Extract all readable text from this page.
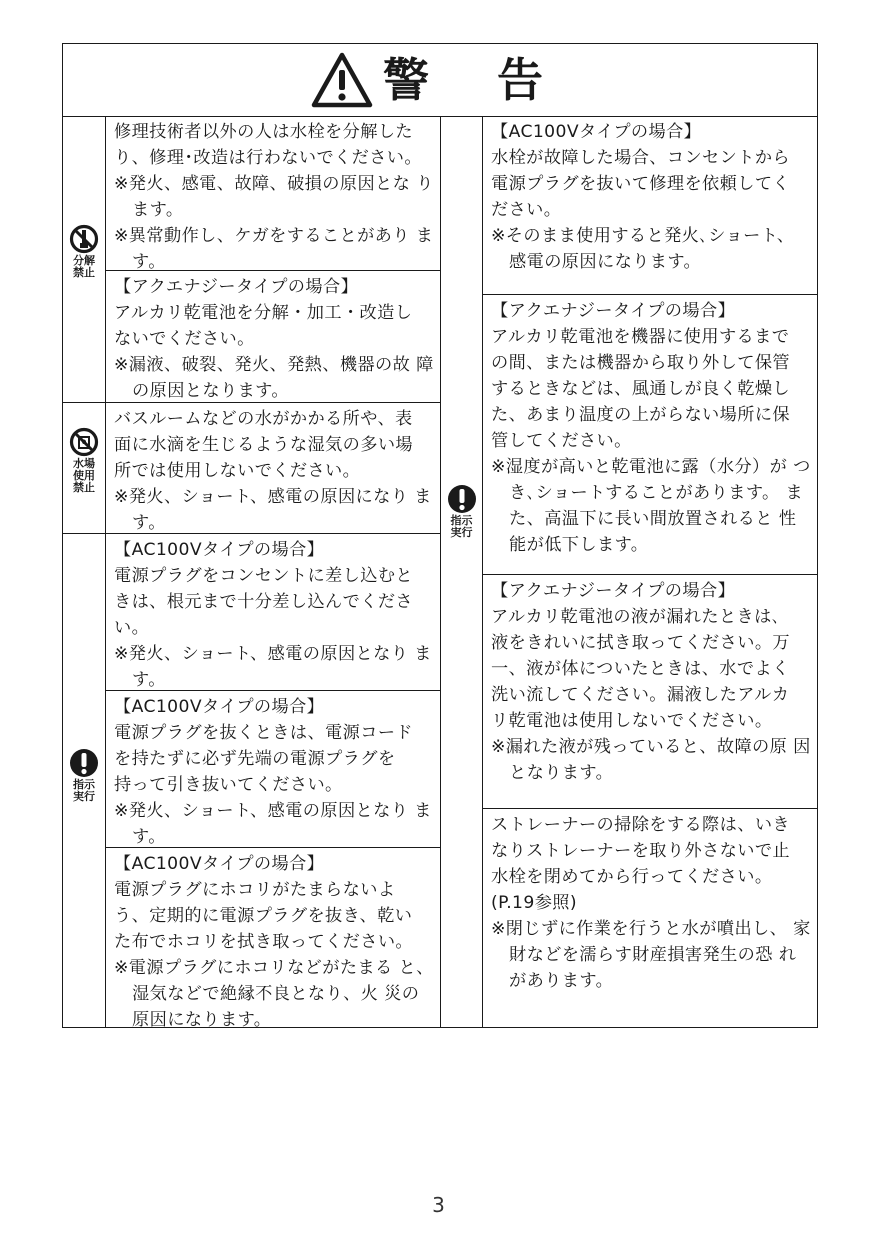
警 告
分解
禁止
水場
使用
禁止
指示
実行
指示
実行

修理技術者以外の人は水栓を分解した

り、修理･改造は行わないでください。

※発火、感電、故障、破損の原因とな ります。

※異常動作し、ケガをすることがあり ます。

【アクエナジータイプの場合】

アルカリ乾電池を分解・加工・改造し

ないでください。

※漏液、破裂、発火、発熱、機器の故 障の原因となります。

バスルームなどの水がかかる所や、表

面に水滴を生じるような湿気の多い場

所では使用しないでください。

※発火、ショート、感電の原因になり ます。

【AC100Vタイプの場合】

電源プラグをコンセントに差し込むと

きは、根元まで十分差し込んでくださ

い。

※発火、ショート、感電の原因となり ます。

【AC100Vタイプの場合】

電源プラグを抜くときは、電源コード

を持たずに必ず先端の電源プラグを

持って引き抜いてください。

※発火、ショート、感電の原因となり ます。

【AC100Vタイプの場合】

電源プラグにホコリがたまらないよ

う、定期的に電源プラグを抜き、乾い

た布でホコリを拭き取ってください。

※電源プラグにホコリなどがたまる と、湿気などで絶縁不良となり、火 災の原因になります。

【AC100Vタイプの場合】

水栓が故障した場合、コンセントから

電源プラグを抜いて修理を依頼してく

ださい。

※そのまま使用すると発火､ショート、 感電の原因になります。

【アクエナジータイプの場合】

アルカリ乾電池を機器に使用するまで

の間、または機器から取り外して保管

するときなどは、風通しが良く乾燥し

た、あまり温度の上がらない場所に保

管してください。

※湿度が高いと乾電池に露（水分）が つき､ショートすることがあります。 また、高温下に長い間放置されると 性能が低下します。

【アクエナジータイプの場合】

アルカリ乾電池の液が漏れたときは､

液をきれいに拭き取ってください。万

一、液が体についたときは、水でよく

洗い流してください。漏液したアルカ

リ乾電池は使用しないでください。

※漏れた液が残っていると、故障の原 因となります。

ストレーナーの掃除をする際は、いき

なりストレーナーを取り外さないで止

水栓を閉めてから行ってください。

(P.19参照)

※閉じずに作業を行うと水が噴出し、 家財などを濡らす財産損害発生の恐 れがあります。

3
